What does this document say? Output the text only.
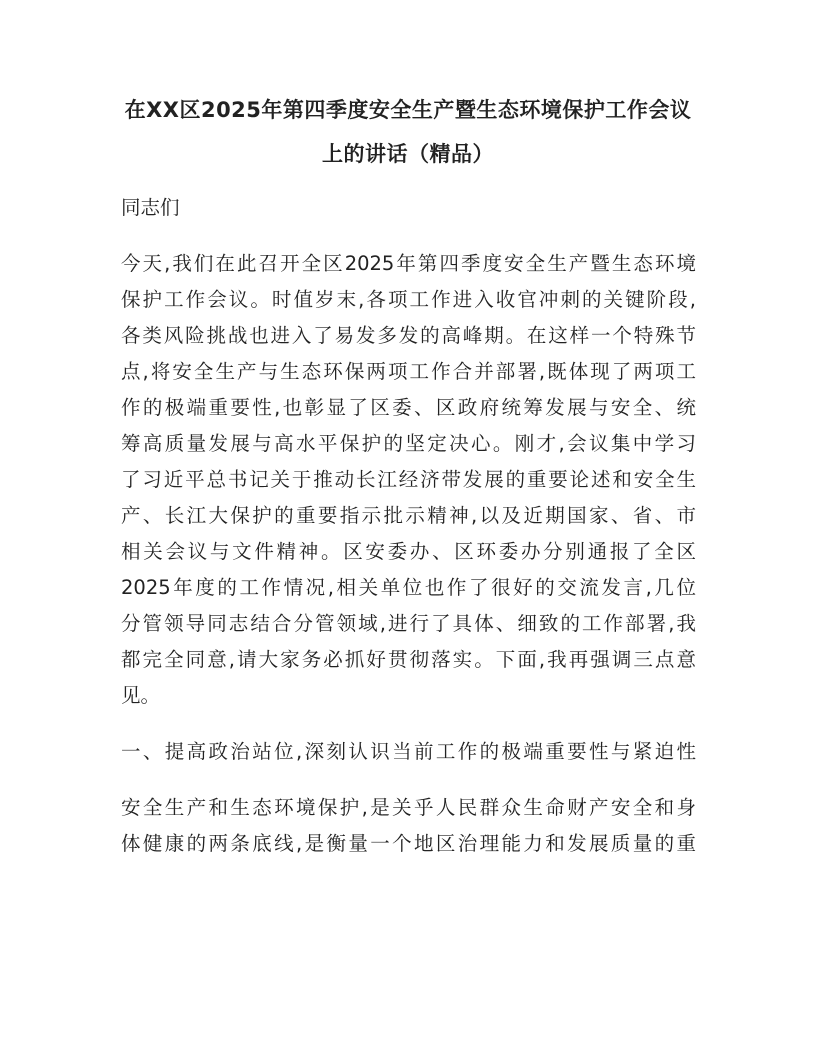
在XX区2025年第四季度安全生产暨生态环境保护工作会议
上的讲话（精品）
同志们
今天,我们在此召开全区2025年第四季度安全生产暨生态环境
保护工作会议。时值岁末,各项工作进入收官冲刺的关键阶段,
各类风险挑战也进入了易发多发的高峰期。在这样一个特殊节
点,将安全生产与生态环保两项工作合并部署,既体现了两项工
作的极端重要性,也彰显了区委、区政府统筹发展与安全、统
筹高质量发展与高水平保护的坚定决心。刚才,会议集中学习
了习近平总书记关于推动长江经济带发展的重要论述和安全生
产、长江大保护的重要指示批示精神,以及近期国家、省、市
相关会议与文件精神。区安委办、区环委办分别通报了全区
2025年度的工作情况,相关单位也作了很好的交流发言,几位
分管领导同志结合分管领域,进行了具体、细致的工作部署,我
都完全同意,请大家务必抓好贯彻落实。下面,我再强调三点意
见。
一、提高政治站位,深刻认识当前工作的极端重要性与紧迫性
安全生产和生态环境保护,是关乎人民群众生命财产安全和身
体健康的两条底线,是衡量一个地区治理能力和发展质量的重
